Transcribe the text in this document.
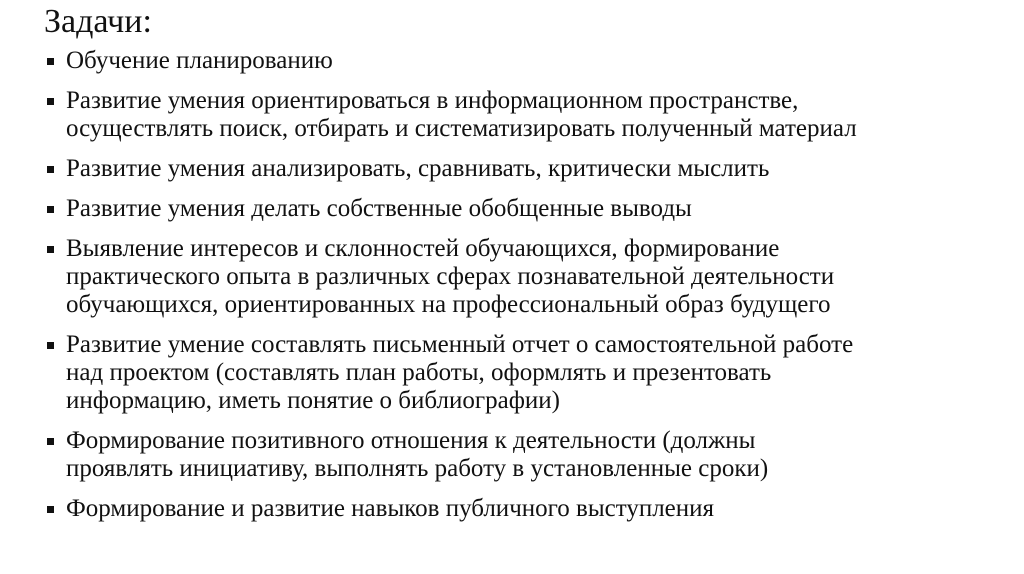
Задачи:
Обучение планированию
Развитие умения ориентироваться в информационном пространстве,
осуществлять поиск, отбирать и систематизировать полученный материал
Развитие умения анализировать, сравнивать, критически мыслить
Развитие умения делать собственные обобщенные выводы
Выявление интересов и склонностей обучающихся, формирование
практического опыта в различных сферах познавательной деятельности
обучающихся, ориентированных на профессиональный образ будущего
Развитие умение составлять письменный отчет о самостоятельной работе
над проектом (составлять план работы, оформлять и презентовать
информацию, иметь понятие о библиографии)
Формирование позитивного отношения к деятельности (должны
проявлять инициативу, выполнять работу в установленные сроки)
Формирование и развитие навыков публичного выступления
